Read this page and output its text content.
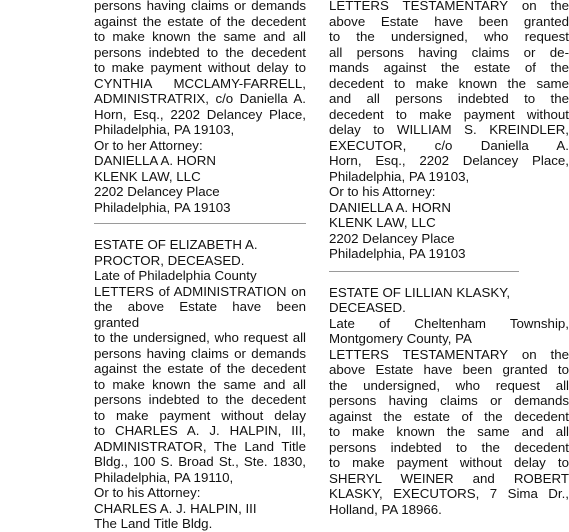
persons having claims or demands
against the estate of the decedent
to make known the same and all
persons indebted to the decedent
to make payment without delay to
CYNTHIA MCCLAMY-FARRELL,
ADMINISTRATRIX, c/o Daniella A.
Horn, Esq., 2202 Delancey Place,
Philadelphia, PA 19103,
Or to her Attorney:
DANIELLA A. HORN
KLENK LAW, LLC
2202 Delancey Place
Philadelphia, PA 19103
ESTATE OF ELIZABETH A.
PROCTOR, DECEASED.
Late of Philadelphia County
LETTERS of ADMINISTRATION on
the above Estate have been granted
to the undersigned, who request all
persons having claims or demands
against the estate of the decedent
to make known the same and all
persons indebted to the decedent
to make payment without delay
to CHARLES A. J. HALPIN, III,
ADMINISTRATOR, The Land Title
Bldg., 100 S. Broad St., Ste. 1830,
Philadelphia, PA 19110,
Or to his Attorney:
CHARLES A. J. HALPIN, III
The Land Title Bldg.
LETTERS TESTAMENTARY on the
above Estate have been granted
to the undersigned, who request
all persons having claims or de-
mands against the estate of the
decedent to make known the same
and all persons indebted to the
decedent to make payment without
delay to WILLIAM S. KREINDLER,
EXECUTOR, c/o Daniella A.
Horn, Esq., 2202 Delancey Place,
Philadelphia, PA 19103,
Or to his Attorney:
DANIELLA A. HORN
KLENK LAW, LLC
2202 Delancey Place
Philadelphia, PA 19103
ESTATE OF LILLIAN KLASKY,
DECEASED.
Late of Cheltenham Township,
Montgomery County, PA
LETTERS TESTAMENTARY on the
above Estate have been granted to
the undersigned, who request all
persons having claims or demands
against the estate of the decedent
to make known the same and all
persons indebted to the decedent
to make payment without delay to
SHERYL WEINER and ROBERT
KLASKY, EXECUTORS, 7 Sima Dr.,
Holland, PA 18966.
